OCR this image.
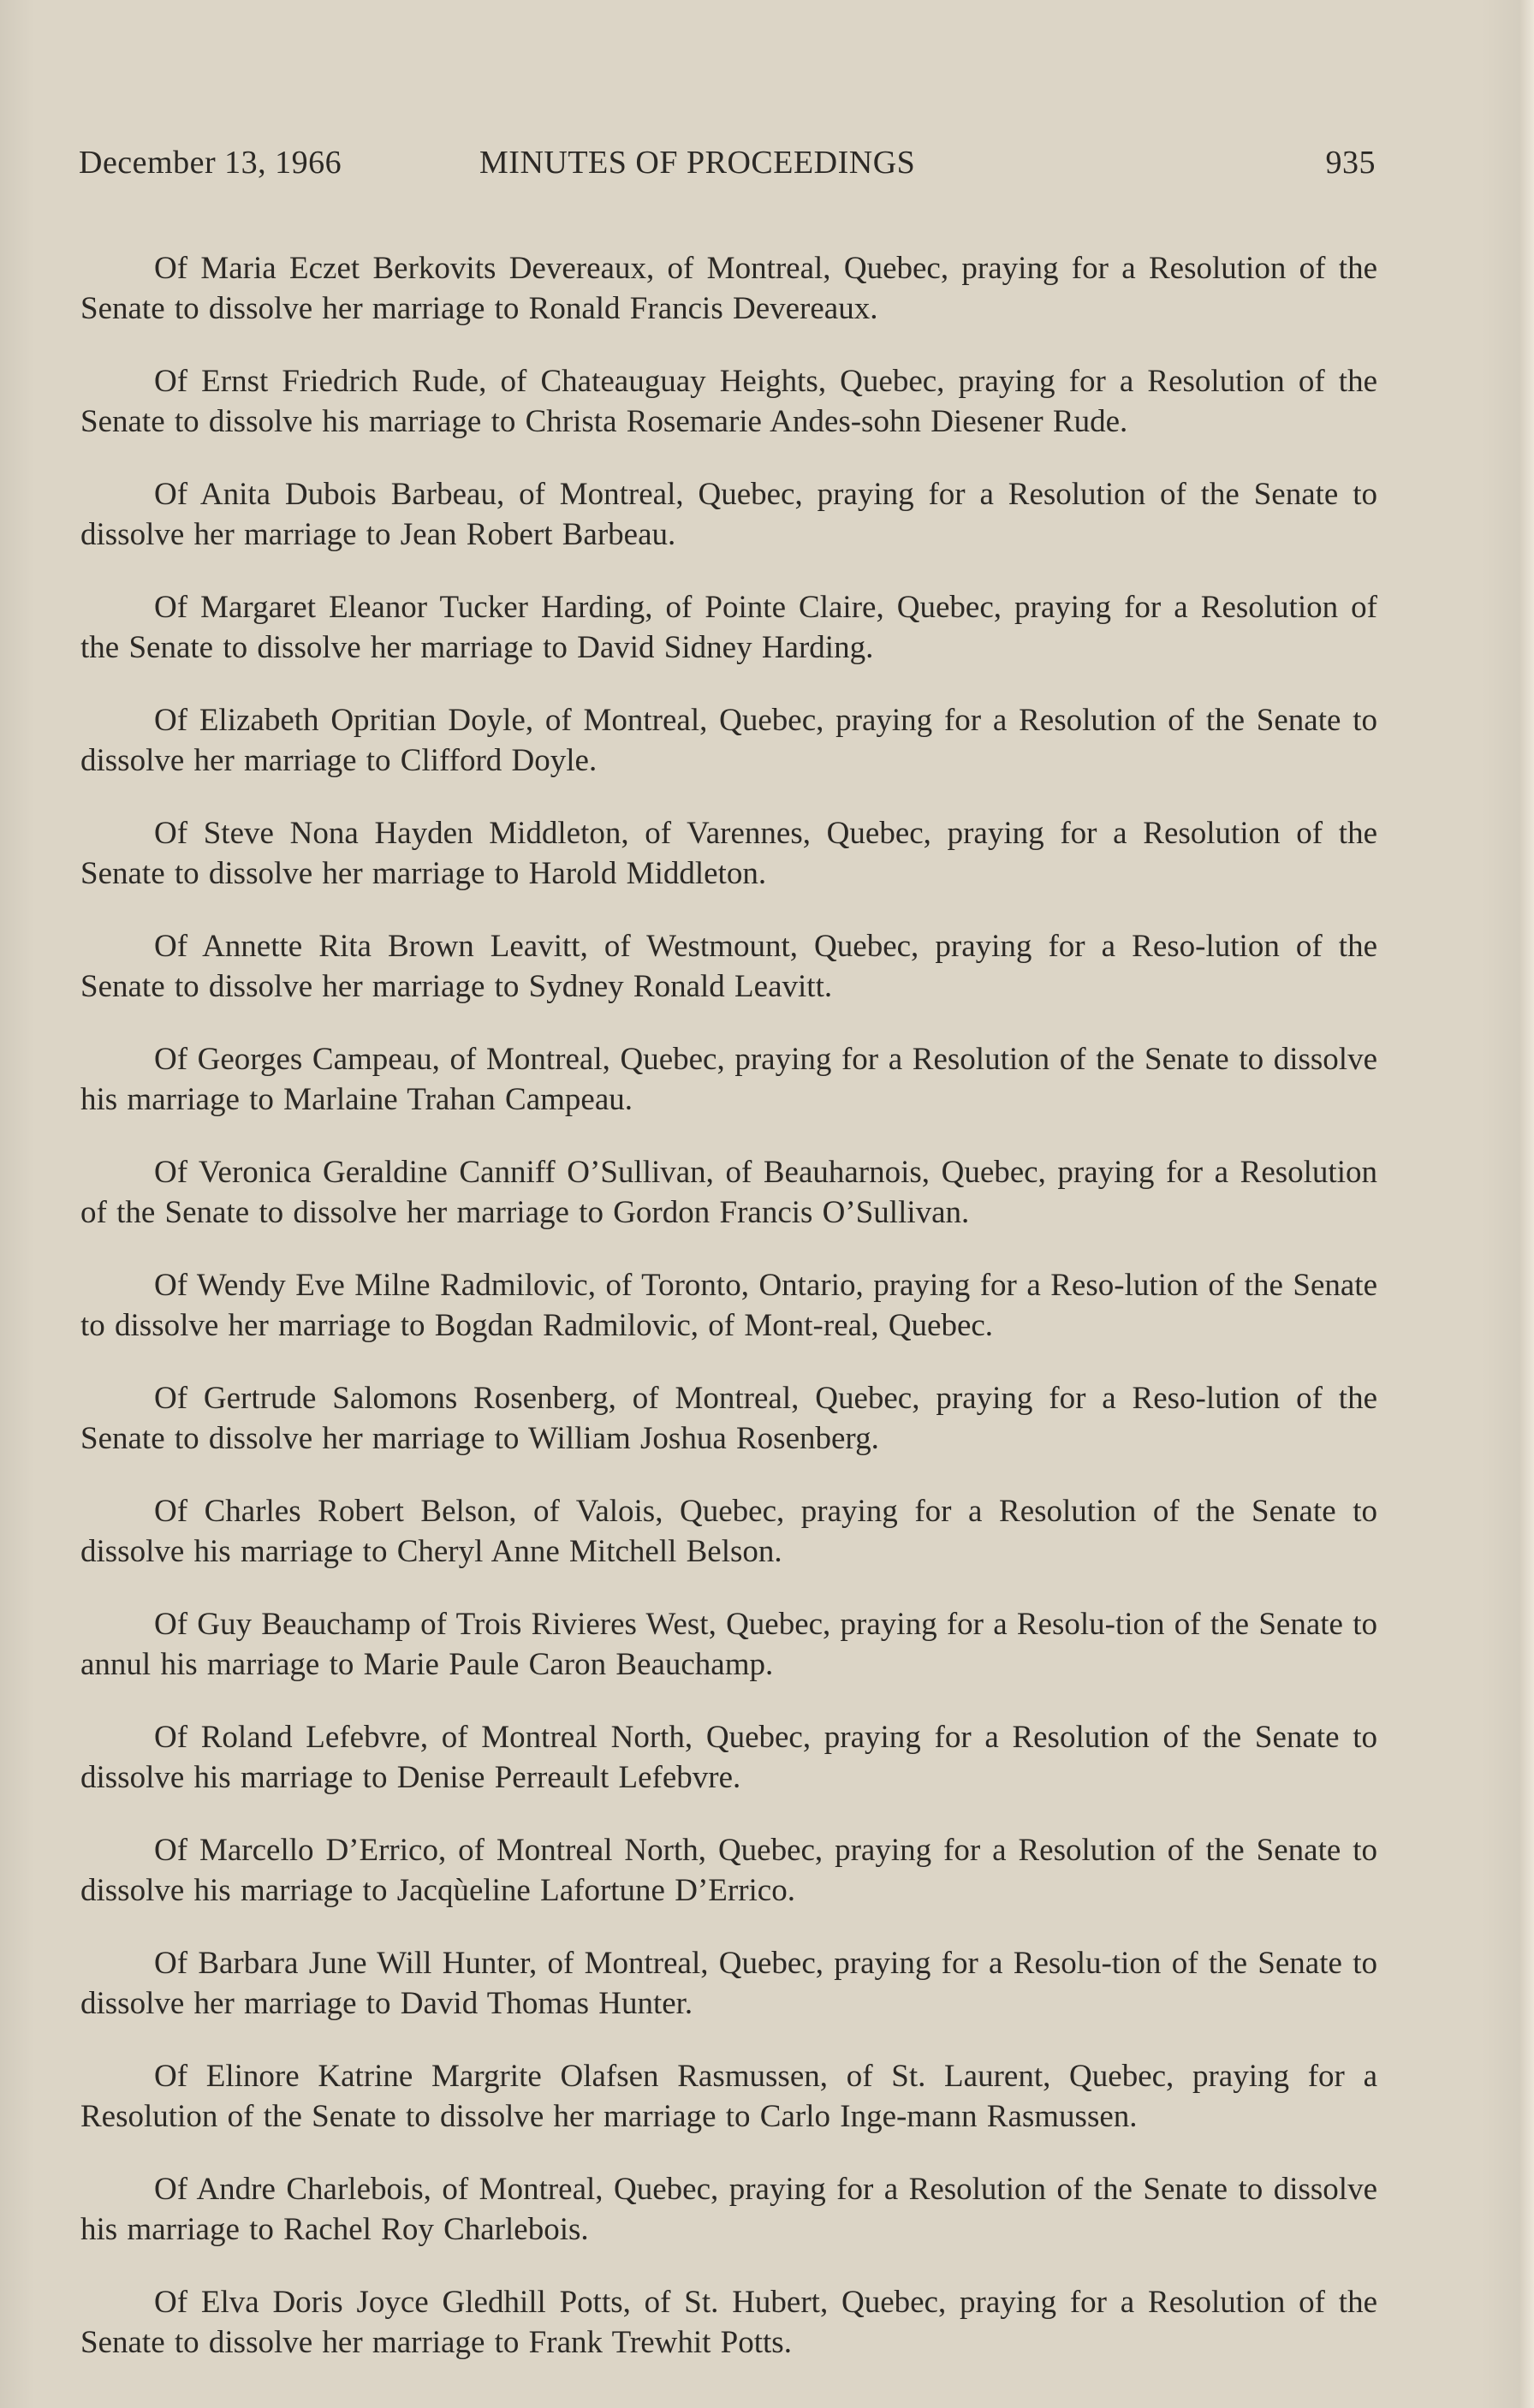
December 13, 1966	MINUTES OF PROCEEDINGS	935

Of Maria Eczet Berkovits Devereaux, of Montreal, Quebec, praying for a Resolution of the Senate to dissolve her marriage to Ronald Francis Devereaux.

Of Ernst Friedrich Rude, of Chateauguay Heights, Quebec, praying for a Resolution of the Senate to dissolve his marriage to Christa Rosemarie Andes-sohn Diesener Rude.

Of Anita Dubois Barbeau, of Montreal, Quebec, praying for a Resolution of the Senate to dissolve her marriage to Jean Robert Barbeau.

Of Margaret Eleanor Tucker Harding, of Pointe Claire, Quebec, praying for a Resolution of the Senate to dissolve her marriage to David Sidney Harding.

Of Elizabeth Opritian Doyle, of Montreal, Quebec, praying for a Resolution of the Senate to dissolve her marriage to Clifford Doyle.

Of Steve Nona Hayden Middleton, of Varennes, Quebec, praying for a Resolution of the Senate to dissolve her marriage to Harold Middleton.

Of Annette Rita Brown Leavitt, of Westmount, Quebec, praying for a Reso-lution of the Senate to dissolve her marriage to Sydney Ronald Leavitt.

Of Georges Campeau, of Montreal, Quebec, praying for a Resolution of the Senate to dissolve his marriage to Marlaine Trahan Campeau.

Of Veronica Geraldine Canniff O’Sullivan, of Beauharnois, Quebec, praying for a Resolution of the Senate to dissolve her marriage to Gordon Francis O’Sullivan.

Of Wendy Eve Milne Radmilovic, of Toronto, Ontario, praying for a Reso-lution of the Senate to dissolve her marriage to Bogdan Radmilovic, of Mont-real, Quebec.

Of Gertrude Salomons Rosenberg, of Montreal, Quebec, praying for a Reso-lution of the Senate to dissolve her marriage to William Joshua Rosenberg.

Of Charles Robert Belson, of Valois, Quebec, praying for a Resolution of the Senate to dissolve his marriage to Cheryl Anne Mitchell Belson.

Of Guy Beauchamp of Trois Rivieres West, Quebec, praying for a Resolu-tion of the Senate to annul his marriage to Marie Paule Caron Beauchamp.

Of Roland Lefebvre, of Montreal North, Quebec, praying for a Resolution of the Senate to dissolve his marriage to Denise Perreault Lefebvre.

Of Marcello D’Errico, of Montreal North, Quebec, praying for a Resolution of the Senate to dissolve his marriage to Jacqùeline Lafortune D’Errico.

Of Barbara June Will Hunter, of Montreal, Quebec, praying for a Resolu-tion of the Senate to dissolve her marriage to David Thomas Hunter.

Of Elinore Katrine Margrite Olafsen Rasmussen, of St. Laurent, Quebec, praying for a Resolution of the Senate to dissolve her marriage to Carlo Inge-mann Rasmussen.

Of Andre Charlebois, of Montreal, Quebec, praying for a Resolution of the Senate to dissolve his marriage to Rachel Roy Charlebois.

Of Elva Doris Joyce Gledhill Potts, of St. Hubert, Quebec, praying for a Resolution of the Senate to dissolve her marriage to Frank Trewhit Potts.
